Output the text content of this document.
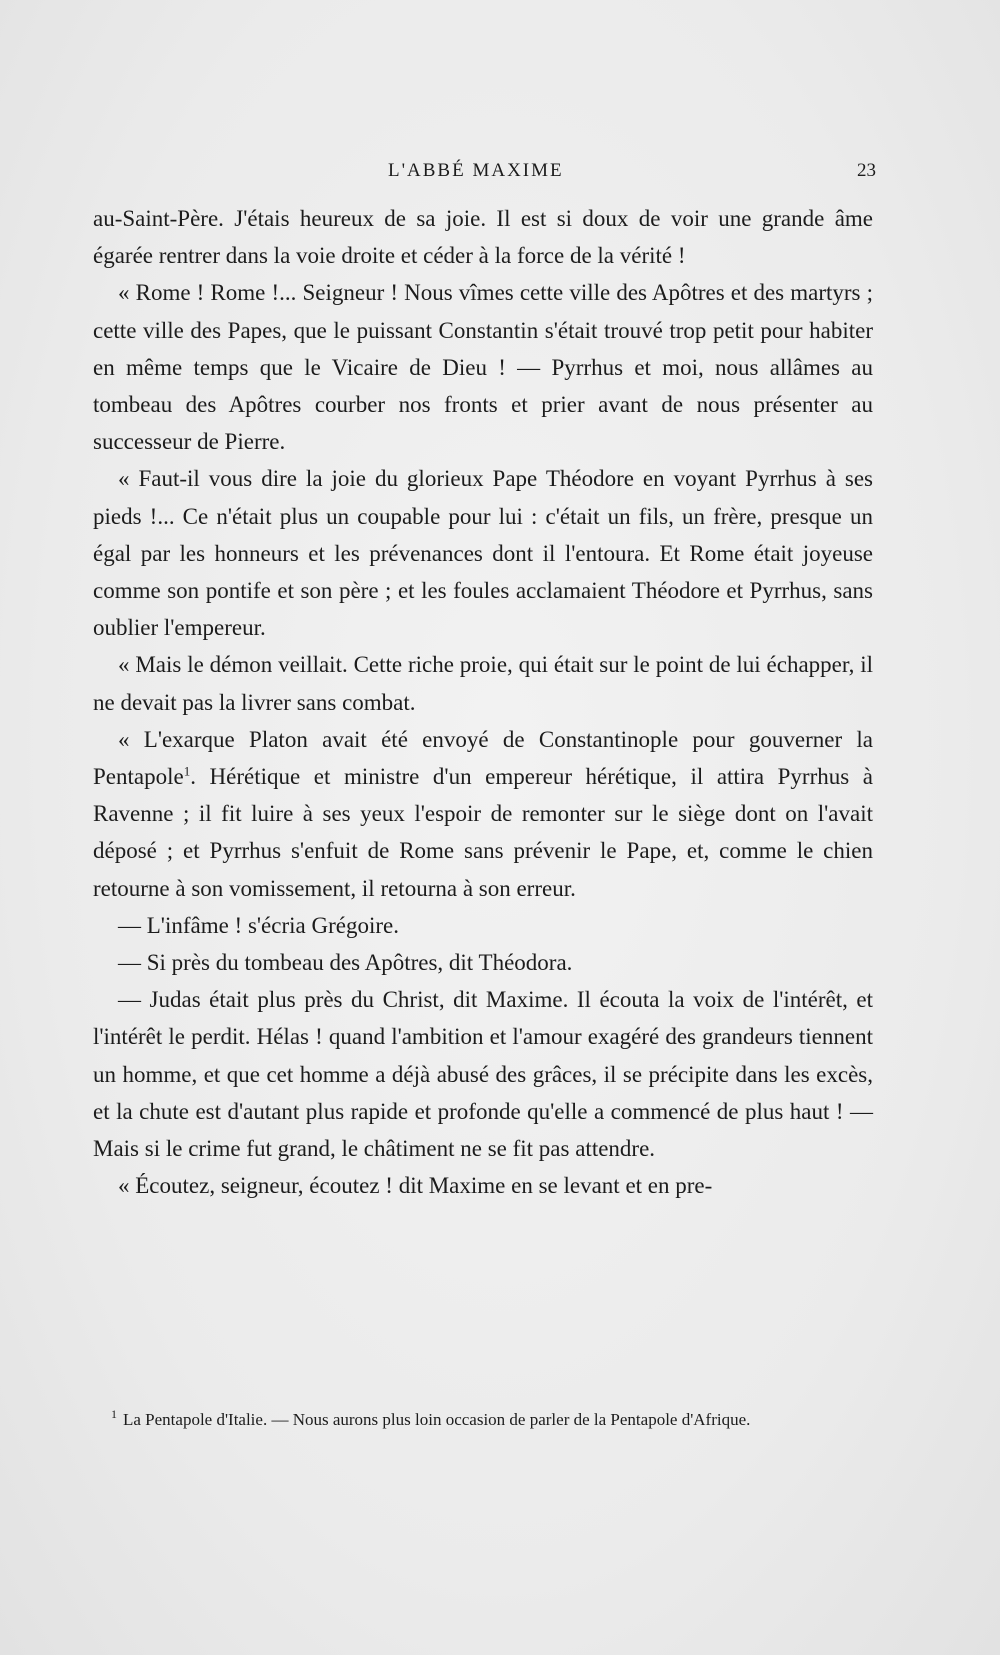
L'ABBÉ MAXIME	23

au-Saint-Père. J'étais heureux de sa joie. Il est si doux de voir une grande âme égarée rentrer dans la voie droite et céder à la force de la vérité !

« Rome ! Rome !... Seigneur ! Nous vîmes cette ville des Apôtres et des martyrs ; cette ville des Papes, que le puissant Constantin s'était trouvé trop petit pour habiter en même temps que le Vicaire de Dieu ! — Pyrrhus et moi, nous allâmes au tombeau des Apôtres courber nos fronts et prier avant de nous présenter au successeur de Pierre.

« Faut-il vous dire la joie du glorieux Pape Théodore en voyant Pyrrhus à ses pieds !... Ce n'était plus un coupable pour lui : c'était un fils, un frère, presque un égal par les honneurs et les prévenances dont il l'entoura. Et Rome était joyeuse comme son pontife et son père ; et les foules acclamaient Théodore et Pyrrhus, sans oublier l'empereur.

« Mais le démon veillait. Cette riche proie, qui était sur le point de lui échapper, il ne devait pas la livrer sans combat.

« L'exarque Platon avait été envoyé de Constantinople pour gouverner la Pentapole$^1$. Hérétique et ministre d'un empereur hérétique, il attira Pyrrhus à Ravenne ; il fit luire à ses yeux l'espoir de remonter sur le siège dont on l'avait déposé ; et Pyrrhus s'enfuit de Rome sans prévenir le Pape, et, comme le chien retourne à son vomissement, il retourna à son erreur.

— L'infâme ! s'écria Grégoire.

— Si près du tombeau des Apôtres, dit Théodora.

— Judas était plus près du Christ, dit Maxime. Il écouta la voix de l'intérêt, et l'intérêt le perdit. Hélas ! quand l'ambition et l'amour exagéré des grandeurs tiennent un homme, et que cet homme a déjà abusé des grâces, il se précipite dans les excès, et la chute est d'autant plus rapide et profonde qu'elle a commencé de plus haut ! — Mais si le crime fut grand, le châtiment ne se fit pas attendre.

« Écoutez, seigneur, écoutez ! dit Maxime en se levant et en pre-

$^1$ La Pentapole d'Italie. — Nous aurons plus loin occasion de parler de la Pentapole d'Afrique.
